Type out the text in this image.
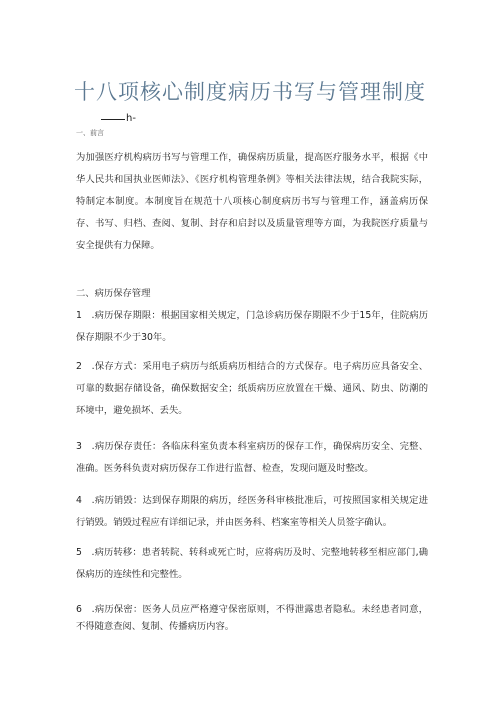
十八项核心制度病历书写与管理制度
h-
一、前言

为加强医疗机构病历书写与管理工作，确保病历质量，提高医疗服务水平，根据《中华人民共和国执业医师法》、《医疗机构管理条例》等相关法律法规，结合我院实际，特制定本制度。本制度旨在规范十八项核心制度病历书写与管理工作，涵盖病历保存、书写、归档、查阅、复制、封存和启封以及质量管理等方面，为我院医疗质量与安全提供有力保障。

二、病历保存管理

1　.病历保存期限：根据国家相关规定，门急诊病历保存期限不少于15年，住院病历保存期限不少于30年。

2　.保存方式：采用电子病历与纸质病历相结合的方式保存。电子病历应具备安全、可靠的数据存储设备，确保数据安全；纸质病历应放置在干燥、通风、防虫、防潮的环境中，避免损坏、丢失。

3　.病历保存责任：各临床科室负责本科室病历的保存工作，确保病历安全、完整、准确。医务科负责对病历保存工作进行监督、检查，发现问题及时整改。

4　.病历销毁：达到保存期限的病历，经医务科审核批准后，可按照国家相关规定进行销毁。销毁过程应有详细记录，并由医务科、档案室等相关人员签字确认。

5　.病历转移：患者转院、转科或死亡时，应将病历及时、完整地转移至相应部门,确保病历的连续性和完整性。

6　.病历保密：医务人员应严格遵守保密原则，不得泄露患者隐私。未经患者同意，不得随意查阅、复制、传播病历内容。
